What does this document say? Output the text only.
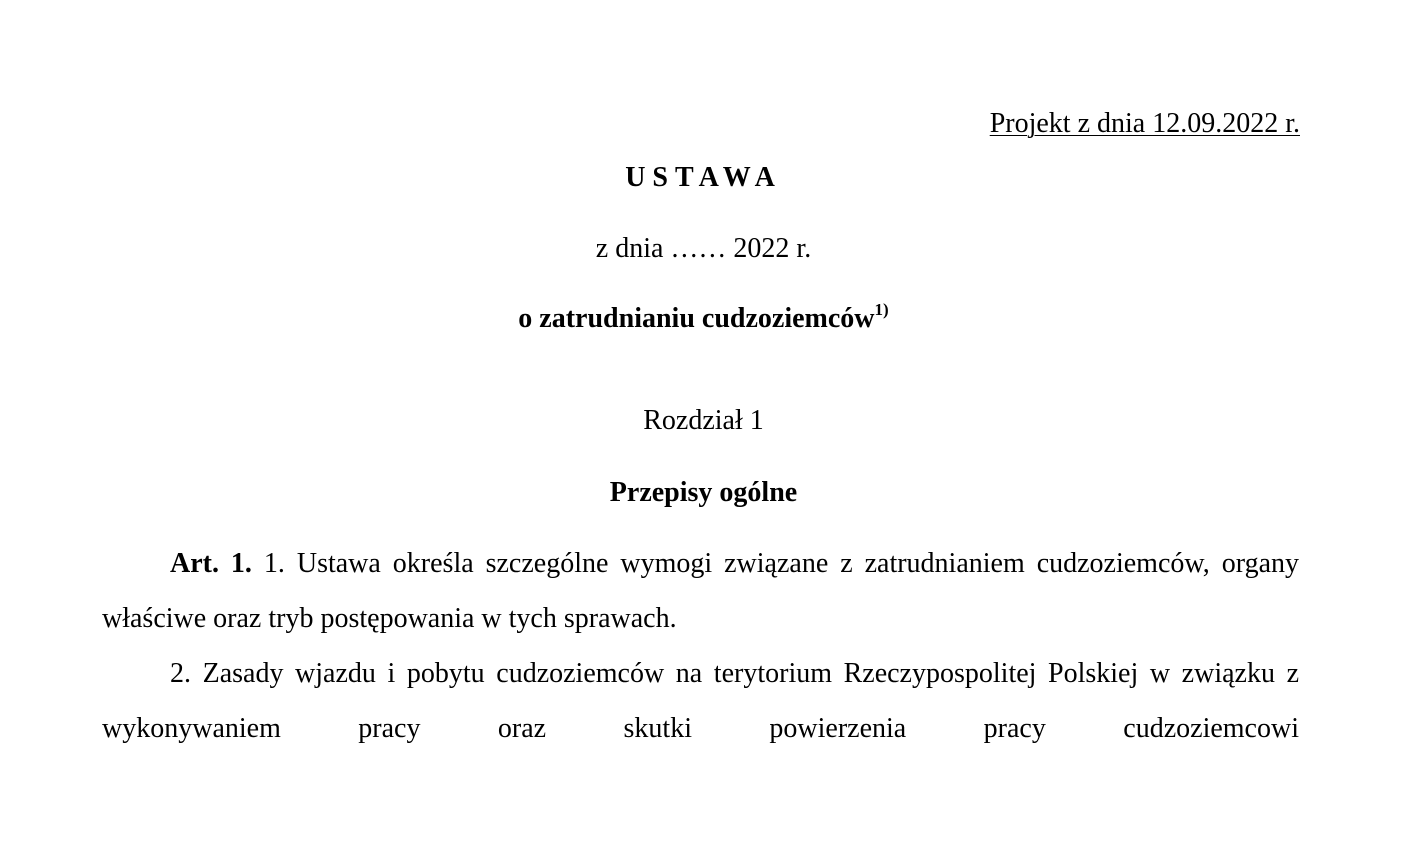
Projekt z dnia 12.09.2022 r.
USTAWA
z dnia …… 2022 r.
o zatrudnianiu cudzoziemców$^{1)}$
Rozdział 1
Przepisy ogólne
Art. 1. 1. Ustawa określa szczególne wymogi związane z zatrudnianiem cudzoziemców, organy właściwe oraz tryb postępowania w tych sprawach.
2. Zasady wjazdu i pobytu cudzoziemców na terytorium Rzeczypospolitej Polskiej w związku z wykonywaniem pracy oraz skutki powierzenia pracy cudzoziemcowi
